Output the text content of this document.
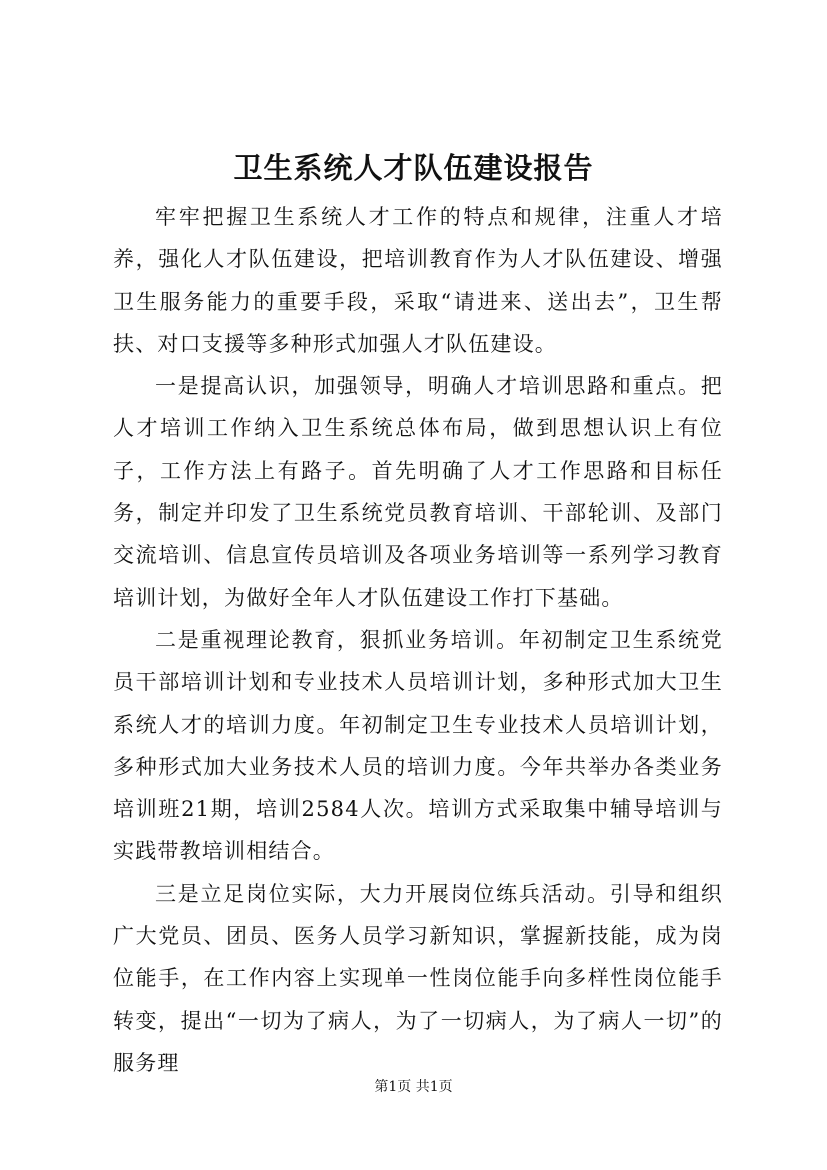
卫生系统人才队伍建设报告

牢牢把握卫生系统人才工作的特点和规律，注重人才培养，强化人才队伍建设，把培训教育作为人才队伍建设、增强卫生服务能力的重要手段，采取“请进来、送出去”，卫生帮扶、对口支援等多种形式加强人才队伍建设。

一是提高认识，加强领导，明确人才培训思路和重点。把人才培训工作纳入卫生系统总体布局，做到思想认识上有位子，工作方法上有路子。首先明确了人才工作思路和目标任务，制定并印发了卫生系统党员教育培训、干部轮训、及部门交流培训、信息宣传员培训及各项业务培训等一系列学习教育培训计划，为做好全年人才队伍建设工作打下基础。

二是重视理论教育，狠抓业务培训。年初制定卫生系统党员干部培训计划和专业技术人员培训计划，多种形式加大卫生系统人才的培训力度。年初制定卫生专业技术人员培训计划，多种形式加大业务技术人员的培训力度。今年共举办各类业务培训班21期，培训2584人次。培训方式采取集中辅导培训与实践带教培训相结合。

三是立足岗位实际，大力开展岗位练兵活动。引导和组织广大党员、团员、医务人员学习新知识，掌握新技能，成为岗位能手，在工作内容上实现单一性岗位能手向多样性岗位能手转变，提出“一切为了病人，为了一切病人，为了病人一切”的服务理

第1页 共1页
